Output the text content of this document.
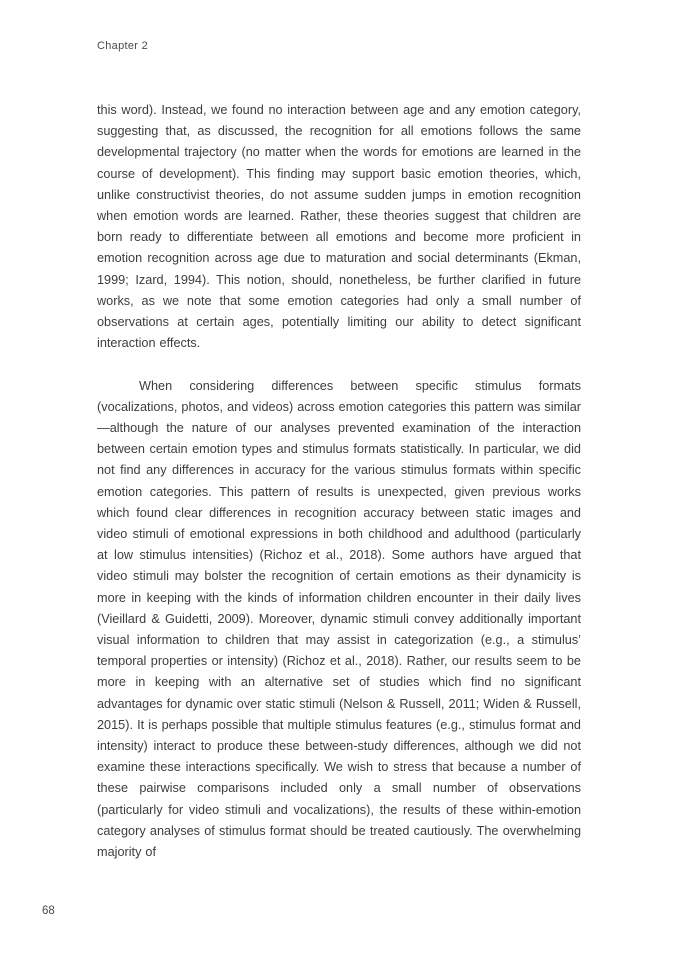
Chapter 2

this word). Instead, we found no interaction between age and any emotion category, suggesting that, as discussed, the recognition for all emotions follows the same developmental trajectory (no matter when the words for emotions are learned in the course of development). This finding may support basic emotion theories, which, unlike constructivist theories, do not assume sudden jumps in emotion recognition when emotion words are learned. Rather, these theories suggest that children are born ready to differentiate between all emotions and become more proficient in emotion recognition across age due to maturation and social determinants (Ekman, 1999; Izard, 1994). This notion, should, nonetheless, be further clarified in future works, as we note that some emotion categories had only a small number of observations at certain ages, potentially limiting our ability to detect significant interaction effects.

When considering differences between specific stimulus formats (vocalizations, photos, and videos) across emotion categories this pattern was similar—although the nature of our analyses prevented examination of the interaction between certain emotion types and stimulus formats statistically. In particular, we did not find any differences in accuracy for the various stimulus formats within specific emotion categories. This pattern of results is unexpected, given previous works which found clear differences in recognition accuracy between static images and video stimuli of emotional expressions in both childhood and adulthood (particularly at low stimulus intensities) (Richoz et al., 2018). Some authors have argued that video stimuli may bolster the recognition of certain emotions as their dynamicity is more in keeping with the kinds of information children encounter in their daily lives (Vieillard & Guidetti, 2009). Moreover, dynamic stimuli convey additionally important visual information to children that may assist in categorization (e.g., a stimulus’ temporal properties or intensity) (Richoz et al., 2018). Rather, our results seem to be more in keeping with an alternative set of studies which find no significant advantages for dynamic over static stimuli (Nelson & Russell, 2011; Widen & Russell, 2015). It is perhaps possible that multiple stimulus features (e.g., stimulus format and intensity) interact to produce these between-study differences, although we did not examine these interactions specifically. We wish to stress that because a number of these pairwise comparisons included only a small number of observations (particularly for video stimuli and vocalizations), the results of these within-emotion category analyses of stimulus format should be treated cautiously. The overwhelming majority of

68
